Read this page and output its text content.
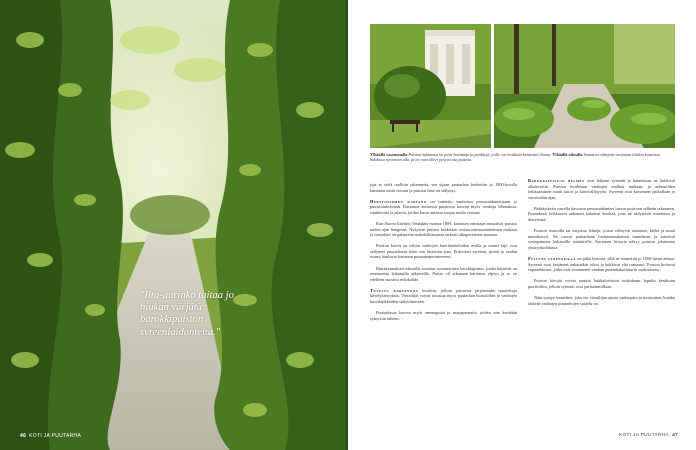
"Ilta-aurinko taitaa jo hiukan värjätä barokkipuiston syreeniaidanteita."
46 KOTI JA PUUTARHA
Ylhäällä vasemmalla Puiston kulmassa on pieni huvimaja ja penkkejä, joille voi levähtää kesäisinä iltoina. Ylhäällä oikealla Saniaiset viihtyvät varjoisan lehdon kosteissa kohdissa syreenien alla, ja ne ovat olleet pysyvä osa puistoa.

joja ei vielä tuolloin rakennettu, sen sijaan puutarhaa hoidettiin jo 1800-luvulla kartanon omin voimin ja puiston ilme on säilynyt.

Herttoniemen kartano on tunnettu vanhoista pensasaidanteistaan ja puuistutuksistaan. Kartanon entisessä puistossa kasvaa myös vanhoja lehmuksia, vaahteroita ja jalavia, joiden latvat antavat suojaa tuulta vastaan.

Kun Suomi liitettiin Venäjään vuonna 1809, kartanon omistajat muuttivat puistoa uuden ajan hengessä. Nykyisin puistoa hoidetaan restaurointisuunnitelman mukaan ja istutukset on palautettu mahdollisimman tarkasti alkuperäiseen asuunsa.

Puiston kasvit on valittu vanhojen kasviluetteloiden avulla ja monet lajit ovat säilyneet puutarhassa koko sen historian ajan. Erityisesti syreenit, pionit ja vanhat ruusut kuuluvat kartanon puutarhaperinteeseen.

Päärakennuksen edustalla avautuu symmetrinen barokkipuisto, jonka käytävät on reunustettu leikatuilla aidanteilla. Puisto oli aikanaan kartanon ylpeys ja se on edelleen suosittu retkikohde.

Tutustu kartanoon kesäisin, jolloin puistossa järjestetään opastettuja kävelykierroksia. Vierailijat voivat tutustua myös puutarhan hoitotöihin ja vanhojen kasvilajikkeiden säilyttämiseen.

Puutarhassa kasvaa myös omenapuita ja marjapensaita, joiden sato kerätään syksyisin talteen.

Barokkipuiston helmet ovat leikatut syreenit ja kaunistaan ne kukkivat alkukesästä. Puistoa hoidetaan vanhojen mallien mukaan, ja aidanteiden leikkaaminen vaatii taitoa ja kärsivällisyyttä. Syreenit ovat kasvaneet paikallaan jo vuosisadan ajan.

Pääkäytävän varrella kasvavat pensasaidanteet luovat puistoon selkeän rakenteen. Puutarhurit leikkaavat aidanteet kahdesti kesässä, jotta ne säilyttävät muotonsa ja tiheytensä.

Puiston reunoilla on varjoisia lehtoja, joissa viihtyvät saniaiset, kielot ja muut metsäkasvit. Ne tuovat puutarhaan luonnonmukaisen tunnelman ja toimivat vastapainona leikatuille istutuksille. Kartanon historia näkyy puiston jokaisessa yksityiskohdassa.

Puiston syreeneillä on pitkä historia, sillä ne istutettiin jo 1800-luvun alussa. Syreenit ovat kestäneet ankaratkin talvet ja kukkivat yhä runsaasti. Puistoa hoitavat vapaaehtoiset, jotka ovat sitoutuneet vanhan puutarhakulttuurin vaalimiseen.

Puiston kävijät voivat nauttia kukkaloistosta toukokuun lopulta kesäkuun puoliväliin, jolloin syreenit ovat parhaimmillaan.

Näin syntyy tunnelma, joka vie vierailijan ajassa taaksepäin ja muistuttaa, kuinka tärkeää vanhojen puutarhojen suojelu on.

KOTI JA PUUTARHA 47
